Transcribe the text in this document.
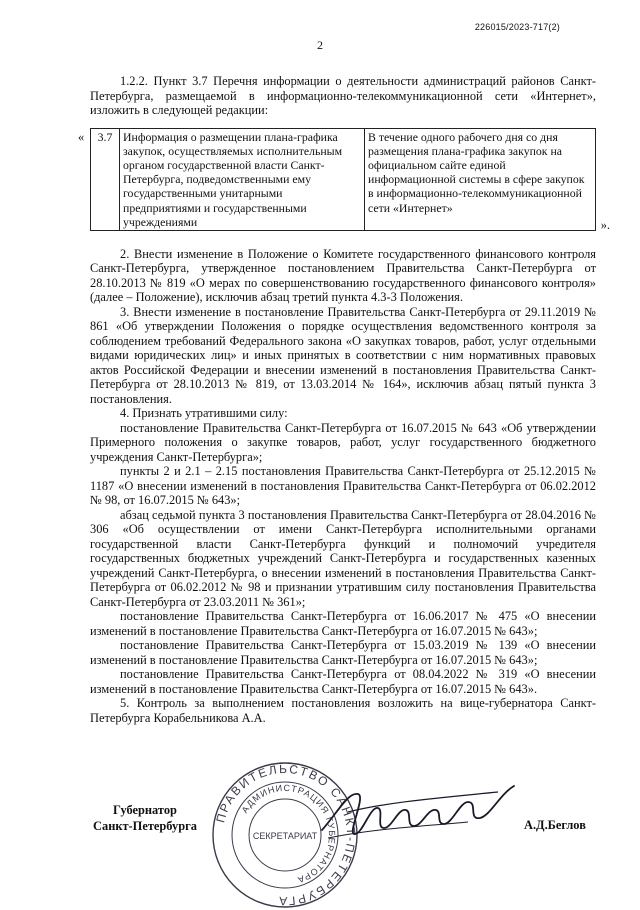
226015/2023-717(2)
2

1.2.2. Пункт 3.7 Перечня информации о деятельности администраций районов Санкт-Петербурга, размещаемой в информационно-телекоммуникационной сети «Интернет», изложить в следующей редакции:

« 3.7	Информация о размещении плана-графика закупок, осуществляемых исполнительным органом государственной власти Санкт-Петербурга, подведомственными ему государственными унитарными предприятиями и государственными учреждениями	В течение одного рабочего дня со дня размещения плана-графика закупок на официальном сайте единой информационной системы в сфере закупок в информационно-телекоммуникационной сети «Интернет»
».

2. Внести изменение в Положение о Комитете государственного финансового контроля Санкт-Петербурга, утвержденное постановлением Правительства Санкт-Петербурга от 28.10.2013 № 819 «О мерах по совершенствованию государственного финансового контроля» (далее – Положение), исключив абзац третий пункта 4.3-3 Положения.

3. Внести изменение в постановление Правительства Санкт-Петербурга от 29.11.2019 № 861 «Об утверждении Положения о порядке осуществления ведомственного контроля за соблюдением требований Федерального закона «О закупках товаров, работ, услуг отдельными видами юридических лиц» и иных принятых в соответствии с ним нормативных правовых актов Российской Федерации и внесении изменений в постановления Правительства Санкт-Петербурга от 28.10.2013 № 819, от 13.03.2014 № 164», исключив абзац пятый пункта 3 постановления.

4. Признать утратившими силу:

постановление Правительства Санкт-Петербурга от 16.07.2015 № 643 «Об утверждении Примерного положения о закупке товаров, работ, услуг государственного бюджетного учреждения Санкт-Петербурга»;

пункты 2 и 2.1 – 2.15 постановления Правительства Санкт-Петербурга от 25.12.2015 № 1187 «О внесении изменений в постановления Правительства Санкт-Петербурга от 06.02.2012 № 98, от 16.07.2015 № 643»;

абзац седьмой пункта 3 постановления Правительства Санкт-Петербурга от 28.04.2016 № 306 «Об осуществлении от имени Санкт-Петербурга исполнительными органами государственной власти Санкт-Петербурга функций и полномочий учредителя государственных бюджетных учреждений Санкт-Петербурга и государственных казенных учреждений Санкт-Петербурга, о внесении изменений в постановления Правительства Санкт-Петербурга от 06.02.2012 № 98 и признании утратившим силу постановления Правительства Санкт-Петербурга от 23.03.2011 № 361»;

постановление Правительства Санкт-Петербурга от 16.06.2017 № 475 «О внесении изменений в постановление Правительства Санкт-Петербурга от 16.07.2015 № 643»;

постановление Правительства Санкт-Петербурга от 15.03.2019 № 139 «О внесении изменений в постановление Правительства Санкт-Петербурга от 16.07.2015 № 643»;

постановление Правительства Санкт-Петербурга от 08.04.2022 № 319 «О внесении изменений в постановление Правительства Санкт-Петербурга от 16.07.2015 № 643».

5. Контроль за выполнением постановления возложить на вице-губернатора Санкт-Петербурга Корабельникова А.А.

Губернатор
Санкт-Петербурга
ПРАВИТЕЛЬСТВО САНКТ-ПЕТЕРБУРГА
АДМИНИСТРАЦИЯ ГУБЕРНАТОРА
СЕКРЕТАРИАТ
А.Д.Беглов
